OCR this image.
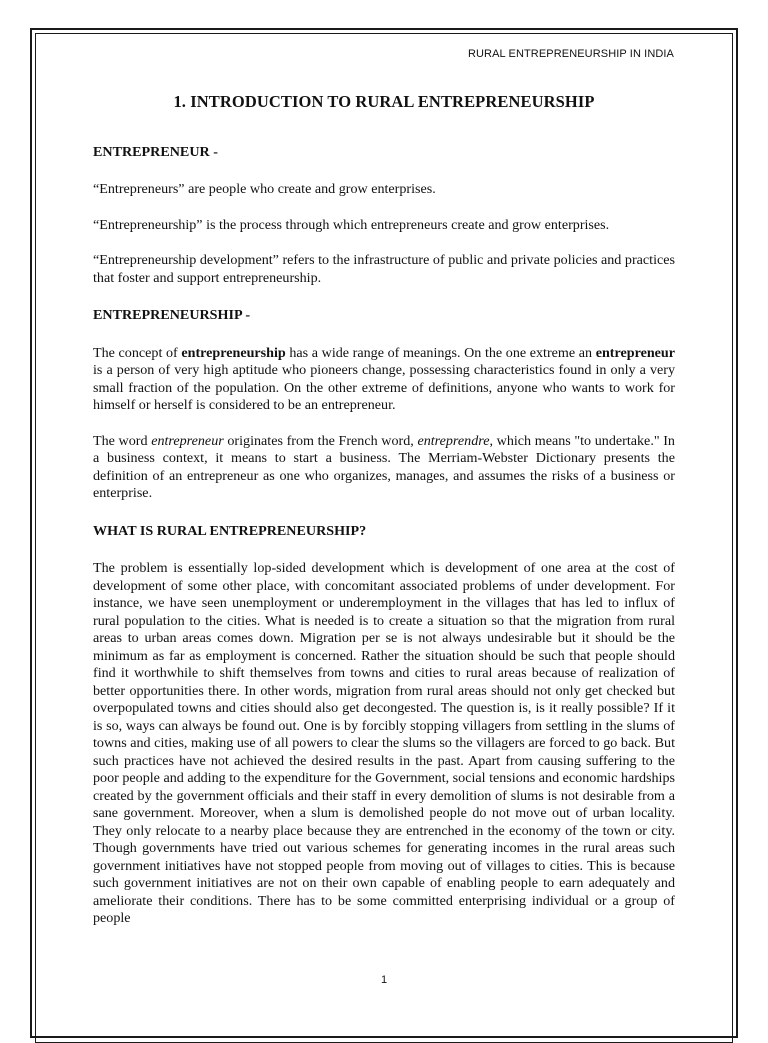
RURAL ENTREPRENEURSHIP IN INDIA
1. INTRODUCTION TO RURAL ENTREPRENEURSHIP

ENTREPRENEUR -

“Entrepreneurs” are people who create and grow enterprises.

“Entrepreneurship” is the process through which entrepreneurs create and grow enterprises.

“Entrepreneurship development” refers to the infrastructure of public and private policies and practices that foster and support entrepreneurship.

ENTREPRENEURSHIP -

The concept of entrepreneurship has a wide range of meanings. On the one extreme an entrepreneur is a person of very high aptitude who pioneers change, possessing characteristics found in only a very small fraction of the population. On the other extreme of definitions, anyone who wants to work for himself or herself is considered to be an entrepreneur.

The word entrepreneur originates from the French word, entreprendre, which means "to undertake." In a business context, it means to start a business. The Merriam-Webster Dictionary presents the definition of an entrepreneur as one who organizes, manages, and assumes the risks of a business or enterprise.

WHAT IS RURAL ENTREPRENEURSHIP?

The problem is essentially lop-sided development which is development of one area at the cost of development of some other place, with concomitant associated problems of under development. For instance, we have seen unemployment or underemployment in the villages that has led to influx of rural population to the cities. What is needed is to create a situation so that the migration from rural areas to urban areas comes down. Migration per se is not always undesirable but it should be the minimum as far as employment is concerned. Rather the situation should be such that people should find it worthwhile to shift themselves from towns and cities to rural areas because of realization of better opportunities there. In other words, migration from rural areas should not only get checked but overpopulated towns and cities should also get decongested. The question is, is it really possible? If it is so, ways can always be found out. One is by forcibly stopping villagers from settling in the slums of towns and cities, making use of all powers to clear the slums so the villagers are forced to go back. But such practices have not achieved the desired results in the past. Apart from causing suffering to the poor people and adding to the expenditure for the Government, social tensions and economic hardships created by the government officials and their staff in every demolition of slums is not desirable from a sane government. Moreover, when a slum is demolished people do not move out of urban locality. They only relocate to a nearby place because they are entrenched in the economy of the town or city. Though governments have tried out various schemes for generating incomes in the rural areas such government initiatives have not stopped people from moving out of villages to cities. This is because such government initiatives are not on their own capable of enabling people to earn adequately and ameliorate their conditions. There has to be some committed enterprising individual or a group of people

1
